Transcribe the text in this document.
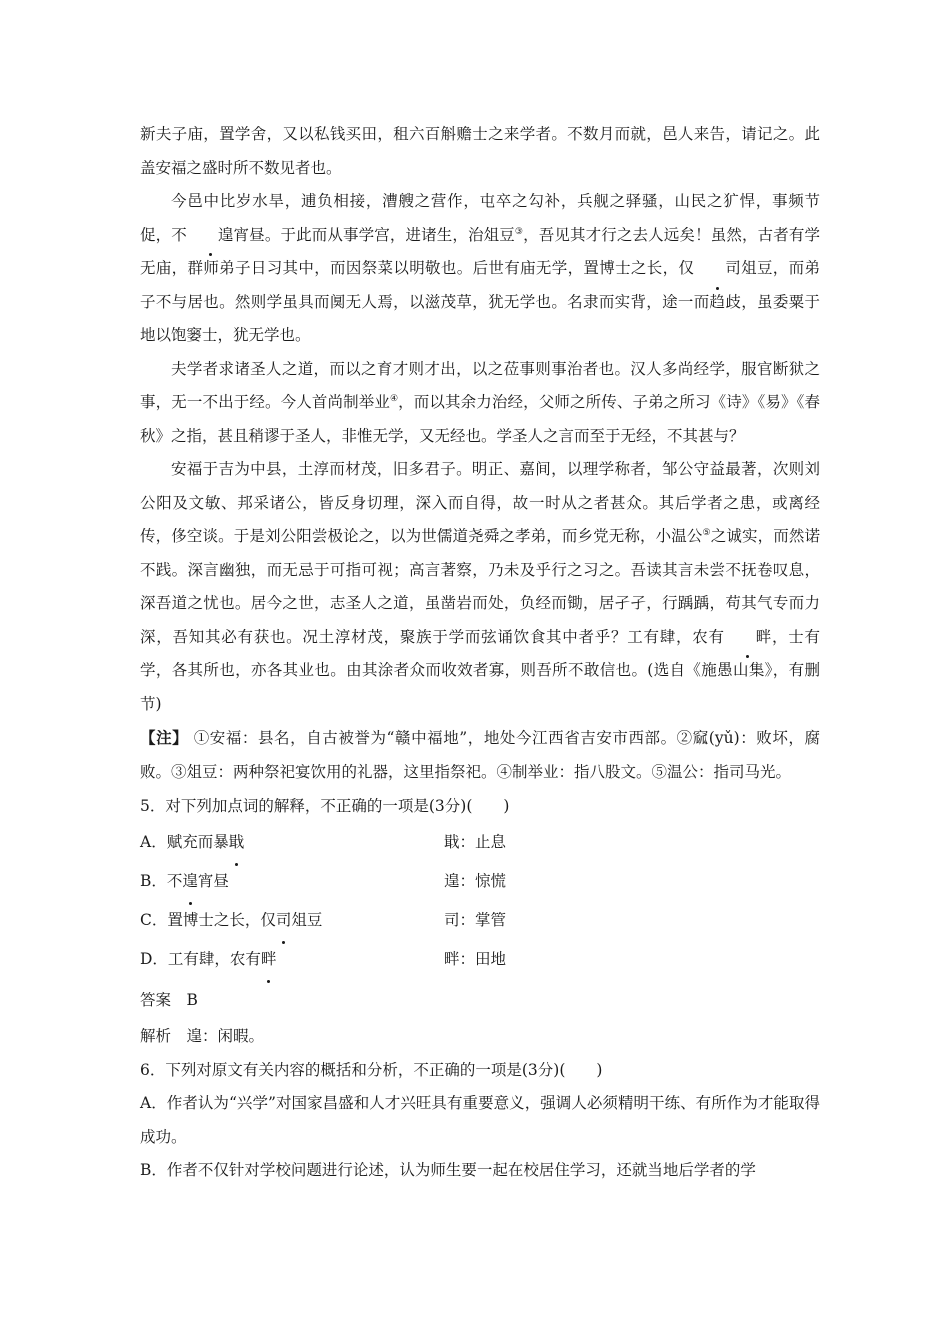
新夫子庙，置学舍，又以私钱买田，租六百斛赡士之来学者。不数月而就，邑人来告，请记之。此盖安福之盛时所不数见者也。

今邑中比岁水旱，逋负相接，漕艘之营作，屯卒之勾补，兵舰之驿骚，山民之犷悍，事频节促，不 遑宵昼。于此而从事学宫，进诸生，治俎豆③，吾见其才行之去人远矣！虽然，古者有学无庙，群师弟子日习其中，而因祭菜以明敬也。后世有庙无学，置博士之长，仅 司俎豆，而弟子不与居也。然则学虽具而阒无人焉，以滋茂草，犹无学也。名隶而实背，途一而趋歧，虽委粟于地以饱窭士，犹无学也。

夫学者求诸圣人之道，而以之育才则才出，以之莅事则事治者也。汉人多尚经学，服官断狱之事，无一不出于经。今人首尚制举业④，而以其余力治经，父师之所传、子弟之所习《诗》《易》《春秋》之指，甚且稍谬于圣人，非惟无学，又无经也。学圣人之言而至于无经，不其甚与？

安福于吉为中县，土淳而材茂，旧多君子。明正、嘉间，以理学称者，邹公守益最著，次则刘公阳及文敏、邦采诸公，皆反身切理，深入而自得，故一时从之者甚众。其后学者之患，或离经传，侈空谈。于是刘公阳尝极论之，以为世儒道尧舜之孝弟，而乡党无称，小温公⑤之诚实，而然诺不践。深言幽独，而无忌于可指可视；高言著察，乃未及乎行之习之。吾读其言未尝不抚卷叹息，深吾道之忧也。居今之世，志圣人之道，虽凿岩而处，负经而锄，居孑孑，行踽踽，苟其气专而力深，吾知其必有获也。况土淳材茂，聚族于学而弦诵饮食其中者乎？工有肆，农有 畔，士有学，各其所也，亦各其业也。由其涂者众而收效者寡，则吾所不敢信也。(选自《施愚山集》，有删节)

【注】 ①安福：县名，自古被誉为“赣中福地”，地处今江西省吉安市西部。②窳(yǔ)：败坏，腐败。③俎豆：两种祭祀宴饮用的礼器，这里指祭祀。④制举业：指八股文。⑤温公：指司马光。

5．对下列加点词的解释，不正确的一项是(3分)(　　)

A．赋充而暴戢	戢：止息
B．不遑宵昼	遑：惊慌
C．置博士之长，仅司俎豆	司：掌管
D．工有肆，农有畔	畔：田地

答案　B

解析　遑：闲暇。

6．下列对原文有关内容的概括和分析，不正确的一项是(3分)(　　)

A．作者认为“兴学”对国家昌盛和人才兴旺具有重要意义，强调人必须精明干练、有所作为才能取得成功。

B．作者不仅针对学校问题进行论述，认为师生要一起在校居住学习，还就当地后学者的学
